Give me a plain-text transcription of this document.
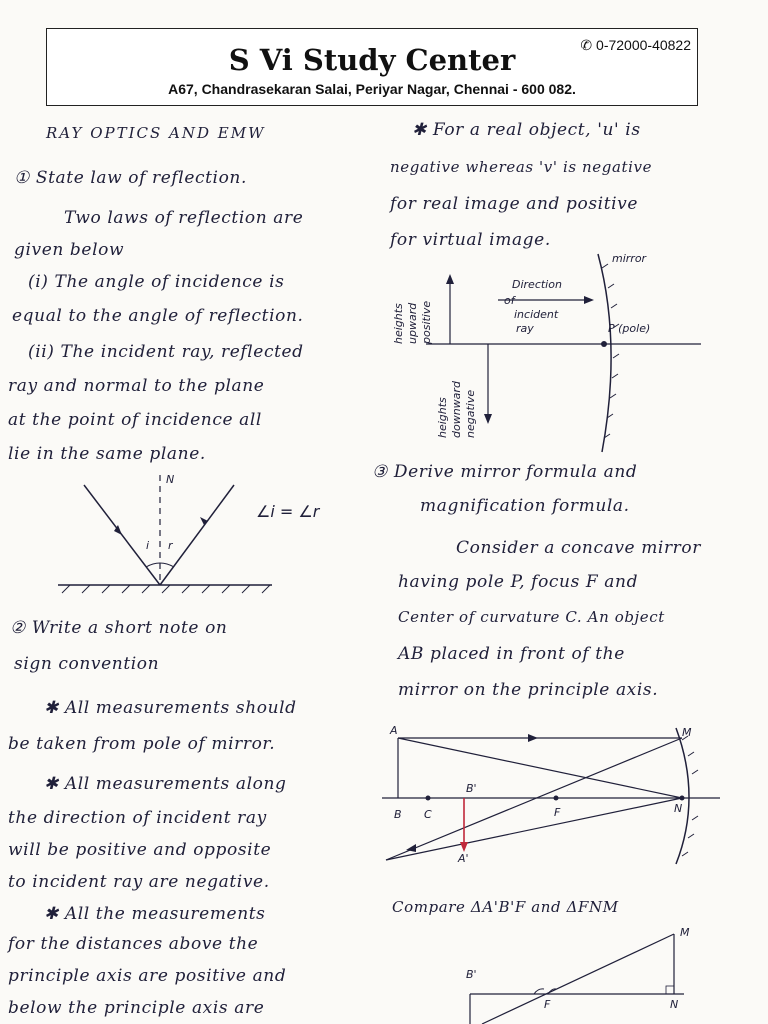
S Vi Study Center	✆ 0-72000-40822
A67, Chandrasekaran Salai, Periyar Nagar, Chennai - 600 082.
RAY OPTICS AND EMW
① State law of reflection.
Two laws of reflection are
given below
(i) The angle of incidence is
equal to the angle of reflection.
(ii) The incident ray, reflected
ray and normal to the plane
at the point of incidence all
lie in the same plane.
N
i r
∠i = ∠r
② Write a short note on
sign convention
✱ All measurements should
be taken from pole of mirror.
✱ All measurements along
the direction of incident ray
will be positive and opposite
to incident ray are negative.
✱ All the measurements
for the distances above the
principle axis are positive and
below the principle axis are
✱ For a real object, 'u' is
negative whereas 'v' is negative
for real image and positive
for virtual image.
mirror
Direction
of
incident
ray	P (pole)
heights upward positive
heights downward negative
③ Derive mirror formula and
magnification formula.
Consider a concave mirror
having pole P, focus F and
Center of curvature C. An object
AB placed in front of the
mirror on the principle axis.
A	M
B C
B'
F	N
A'
Compare ΔA'B'F and ΔFNM
M
B'
F	N
